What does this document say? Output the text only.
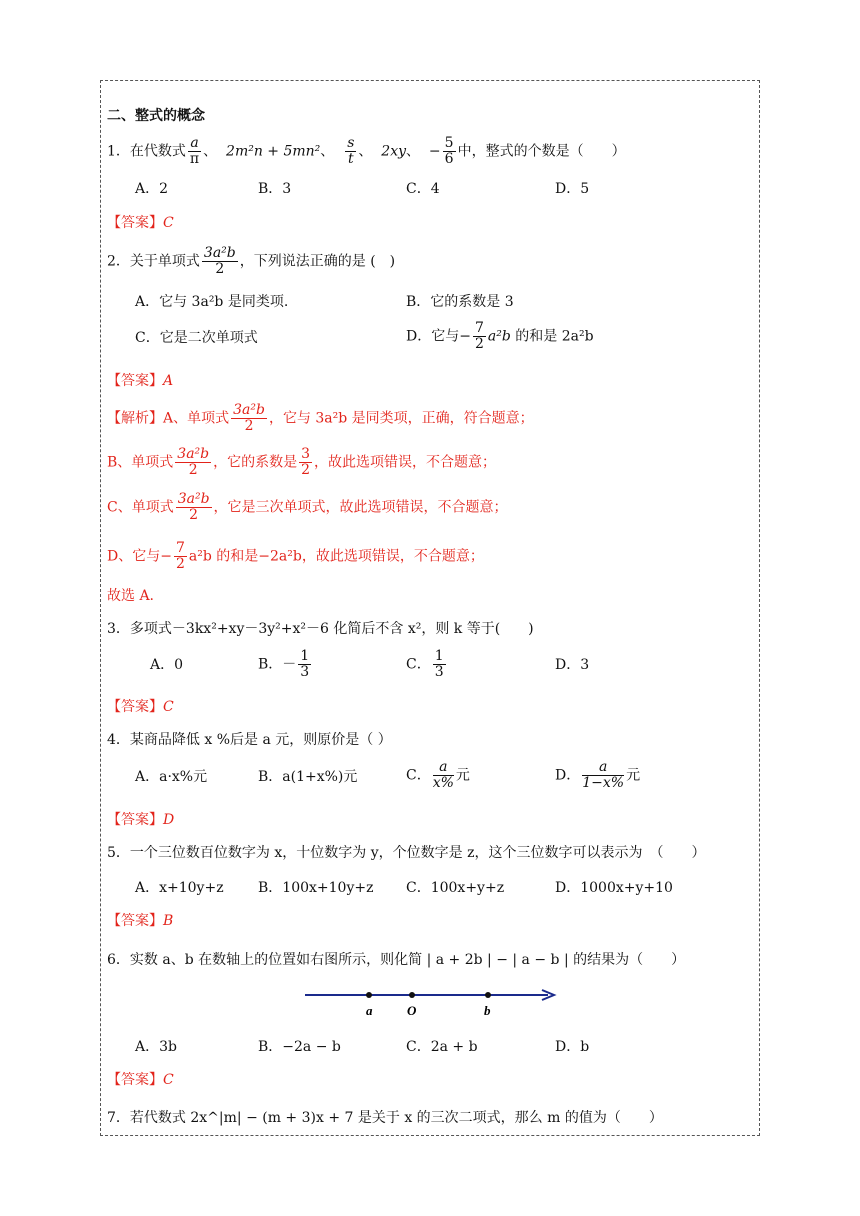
二、整式的概念
1．在代数式 $\frac{a}{\pi}$ 、  2m²n + 5mn²、 $\frac{s}{t}$ 、  2xy、  − $\frac{5}{6}$ 中，整式的个数是（　　）
A．2	B．3	C．4	D．5
【答案】C
2．关于单项式 $\frac{\text{3a²b}}{2}$ ，下列说法正确的是 (　)
A．它与 3a²b 是同类项.	B．它的系数是 3
C．它是二次单项式	D．它与− $\frac{7}{2} a^2b$ 的和是 2a²b
【答案】A
【解析】A、单项式 $\frac{\text{3a²b}}{2}$ ，它与 3a²b 是同类项，正确，符合题意；
B、单项式 $\frac{\text{3a²b}}{2}$ ，它的系数是 $\frac{3}{2}$ ，故此选项错误，不合题意；
C、单项式 $\frac{\text{3a²b}}{2}$ ，它是三次单项式，故此选项错误，不合题意；
D、它与− $\frac{7}{2} a^2b$ 的和是−2a²b，故此选项错误，不合题意；
故选 A.
3．多项式－3kx²+xy－3y²+x²－6 化简后不含 x²，则 k 等于(　　)
A．0	B．－ $\frac{1}{3}$	C． $\frac{1}{3}$	D．3
【答案】C
4．某商品降低 x %后是 a 元，则原价是（ ）
A．a·x%元	B．a(1+x%)元	C． $\frac{a}{x\%}$ 元	D． $\frac{a}{1-x\%}$ 元
【答案】D
5．一个三位数百位数字为 x，十位数字为 y，个位数字是 z，这个三位数字可以表示为　（　　）
A．x+10y+z B．100x+10y+z C．100x+y+z	D．1000x+y+10
【答案】B
6．实数 a、b 在数轴上的位置如右图所示，则化简 | a + 2b | − | a − b | 的结果为（　　）
a	O	b
A．3b	B．−2a − b	C．2a + b	D．b
【答案】C
7．若代数式 2x^|m| − (m + 3)x + 7 是关于 x 的三次二项式，那么 m 的值为（　　）
